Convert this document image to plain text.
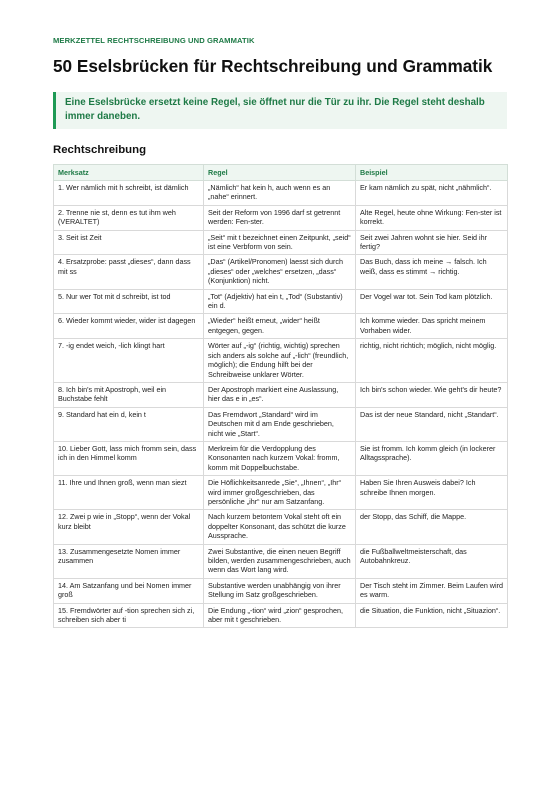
MERKZETTEL RECHTSCHREIBUNG UND GRAMMATIK
50 Eselsbrücken für Rechtschreibung und Grammatik
Eine Eselsbrücke ersetzt keine Regel, sie öffnet nur die Tür zu ihr. Die Regel steht deshalb immer daneben.
Rechtschreibung
Merksatz	Regel	Beispiel
1. Wer nämlich mit h schreibt, ist dämlich	„Nämlich“ hat kein h, auch wenn es an „nahe“ erinnert.	Er kam nämlich zu spät, nicht „nähmlich“.
2. Trenne nie st, denn es tut ihm weh (VERALTET)	Seit der Reform von 1996 darf st getrennt werden: Fen-ster.	Alte Regel, heute ohne Wirkung: Fen-ster ist korrekt.
3. Seit ist Zeit	„Seit“ mit t bezeichnet einen Zeitpunkt, „seid“ ist eine Verbform von sein.	Seit zwei Jahren wohnt sie hier. Seid ihr fertig?
4. Ersatzprobe: passt „dieses“, dann dass mit ss	„Das“ (Artikel/Pronomen) laesst sich durch „dieses“ oder „welches“ ersetzen, „dass“ (Konjunktion) nicht.	Das Buch, dass ich meine → falsch. Ich weiß, dass es stimmt → richtig.
5. Nur wer Tot mit d schreibt, ist tod	„Tot“ (Adjektiv) hat ein t, „Tod“ (Substantiv) ein d.	Der Vogel war tot. Sein Tod kam plötzlich.
6. Wieder kommt wieder, wider ist dagegen	„Wieder“ heißt erneut, „wider“ heißt entgegen, gegen.	Ich komme wieder. Das spricht meinem Vorhaben wider.
7. -ig endet weich, -lich klingt hart	Wörter auf „-ig“ (richtig, wichtig) sprechen sich anders als solche auf „-lich“ (freundlich, möglich); die Endung hilft bei der Schreibweise unklarer Wörter.	richtig, nicht richtich; möglich, nicht möglig.
8. Ich bin's mit Apostroph, weil ein Buchstabe fehlt	Der Apostroph markiert eine Auslassung, hier das e in „es“.	Ich bin's schon wieder. Wie geht's dir heute?
9. Standard hat ein d, kein t	Das Fremdwort „Standard“ wird im Deutschen mit d am Ende geschrieben, nicht wie „Start“.	Das ist der neue Standard, nicht „Standart“.
10. Lieber Gott, lass mich fromm sein, dass ich in den Himmel komm	Merkreim für die Verdopplung des Konsonanten nach kurzem Vokal: fromm, komm mit Doppelbuchstabe.	Sie ist fromm. Ich komm gleich (in lockerer Alltagssprache).
11. Ihre und Ihnen groß, wenn man siezt	Die Höflichkeitsanrede „Sie“, „Ihnen“, „Ihr“ wird immer großgeschrieben, das persönliche „ihr“ nur am Satzanfang.	Haben Sie Ihren Ausweis dabei? Ich schreibe Ihnen morgen.
12. Zwei p wie in „Stopp“, wenn der Vokal kurz bleibt	Nach kurzem betontem Vokal steht oft ein doppelter Konsonant, das schützt die kurze Aussprache.	der Stopp, das Schiff, die Mappe.
13. Zusammengesetzte Nomen immer zusammen	Zwei Substantive, die einen neuen Begriff bilden, werden zusammengeschrieben, auch wenn das Wort lang wird.	die Fußballweltmeisterschaft, das Autobahnkreuz.
14. Am Satzanfang und bei Nomen immer groß	Substantive werden unabhängig von ihrer Stellung im Satz großgeschrieben.	Der Tisch steht im Zimmer. Beim Laufen wird es warm.
15. Fremdwörter auf -tion sprechen sich zi, schreiben sich aber ti	Die Endung „-tion“ wird „zion“ gesprochen, aber mit t geschrieben.	die Situation, die Funktion, nicht „Situazion“.
